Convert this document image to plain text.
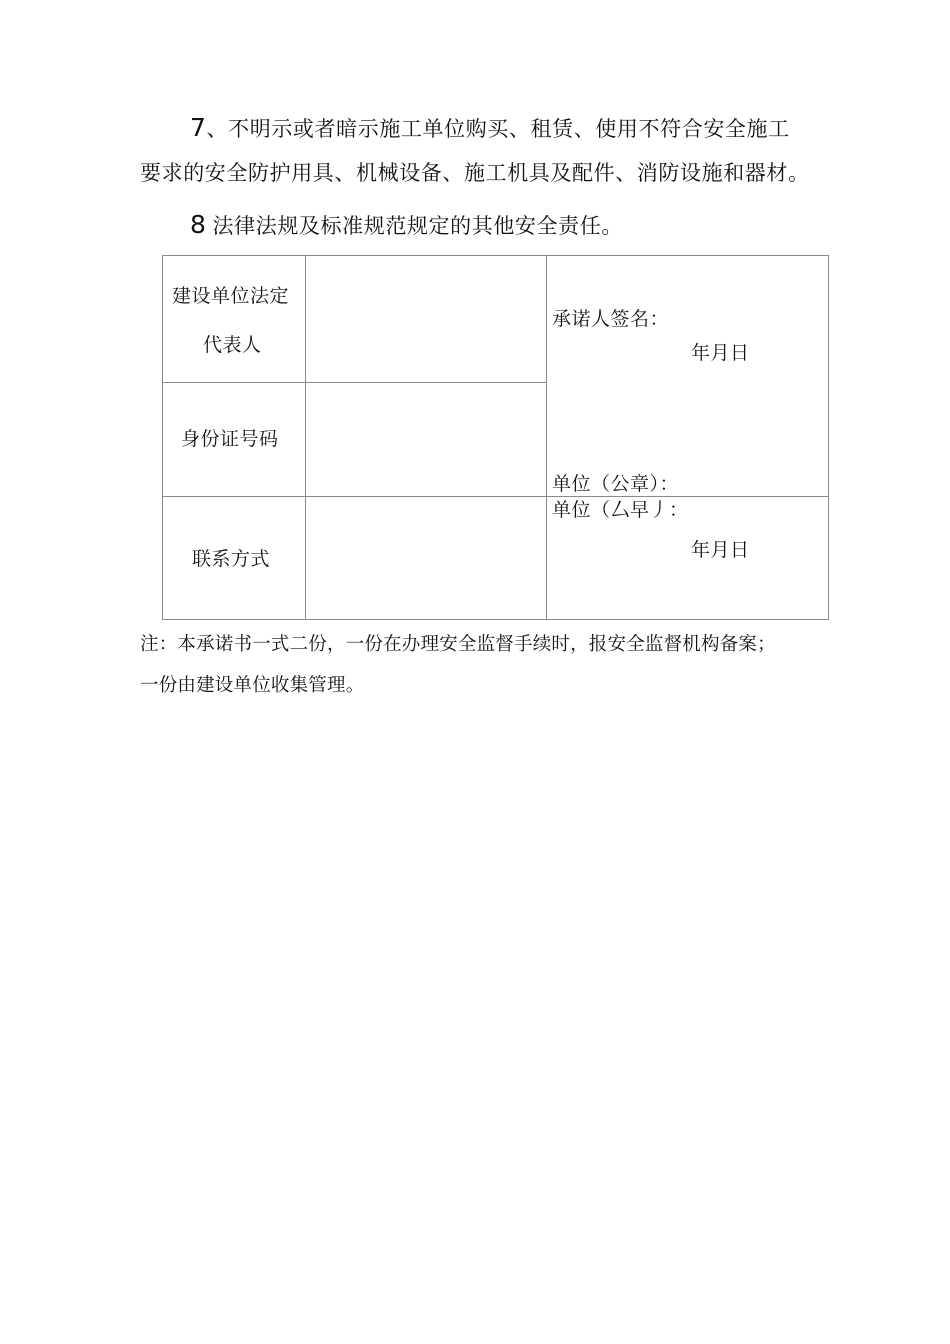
7、不明示或者暗示施工单位购买、租赁、使用不符合安全施工

要求的安全防护用具、机械设备、施工机具及配件、消防设施和器材。

8 法律法规及标准规范规定的其他安全责任。

建设单位法定
代表人
身份证号码
联系方式
承诺人签名：
年月日
单位（公章）：
单位（厶早丿：
年月日
注：本承诺书一式二份，一份在办理安全监督手续时，报安全监督机构备案；
一份由建设单位收集管理。
